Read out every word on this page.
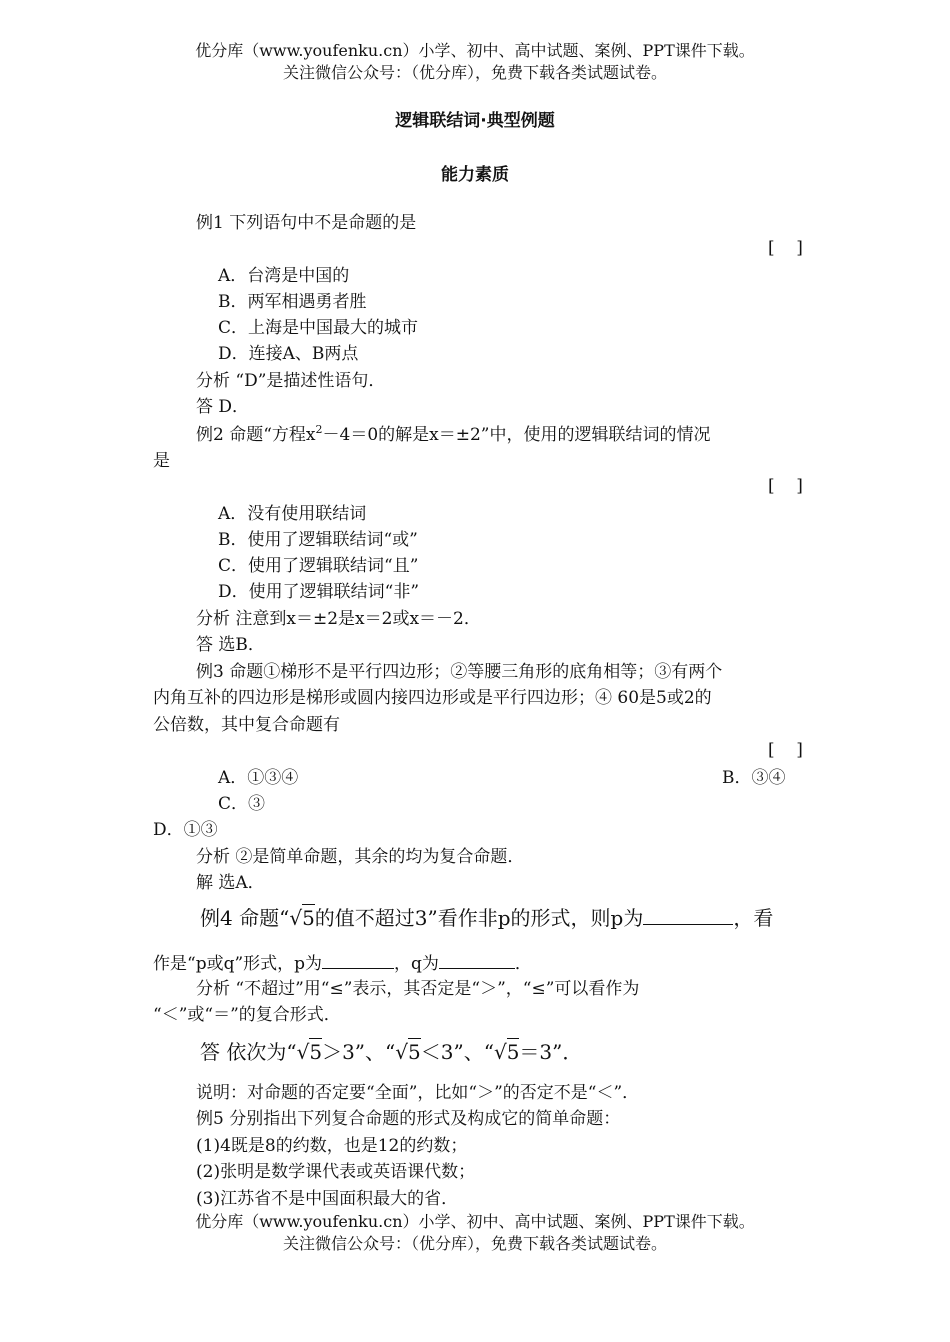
优分库（www.youfenku.cn）小学、初中、高中试题、案例、PPT课件下载。
关注微信公众号：（优分库），免费下载各类试题试卷。
逻辑联结词·典型例题
能力素质
例1 下列语句中不是命题的是
[    ]
A．台湾是中国的
B．两军相遇勇者胜
C．上海是中国最大的城市
D．连接A、B两点
分析 “D”是描述性语句．
答 D．
例2 命题“方程$x^2-4=0$的解是x＝±2”中，使用的逻辑联结词的情况
是
[    ]
A．没有使用联结词
B．使用了逻辑联结词“或”
C．使用了逻辑联结词“且”
D．使用了逻辑联结词“非”
分析 注意到x＝±2是x＝2或x＝－2．
答 选B．
例3 命题①梯形不是平行四边形；②等腰三角形的底角相等；③有两个
内角互补的四边形是梯形或圆内接四边形或是平行四边形；④ 60是5或2的
公倍数，其中复合命题有
[    ]
A．①③④	B．③④
C．③
D．①③
分析 ②是简单命题，其余的均为复合命题．
解 选A．
例4 命题“√5的值不超过3”看作非p的形式，则p为	，看
作是“p或q”形式，p为	，q为	．
分析 “不超过”用“≤”表示，其否定是“＞”，“≤”可以看作为
“＜”或“＝”的复合形式．
答 依次为“√5＞3”、“√5＜3”、“√5＝3”．
说明：对命题的否定要“全面”，比如“＞”的否定不是“＜”．
例5 分别指出下列复合命题的形式及构成它的简单命题：
(1)4既是8的约数，也是12的约数；
(2)张明是数学课代表或英语课代数；
(3)江苏省不是中国面积最大的省．
优分库（www.youfenku.cn）小学、初中、高中试题、案例、PPT课件下载。
关注微信公众号：（优分库），免费下载各类试题试卷。
